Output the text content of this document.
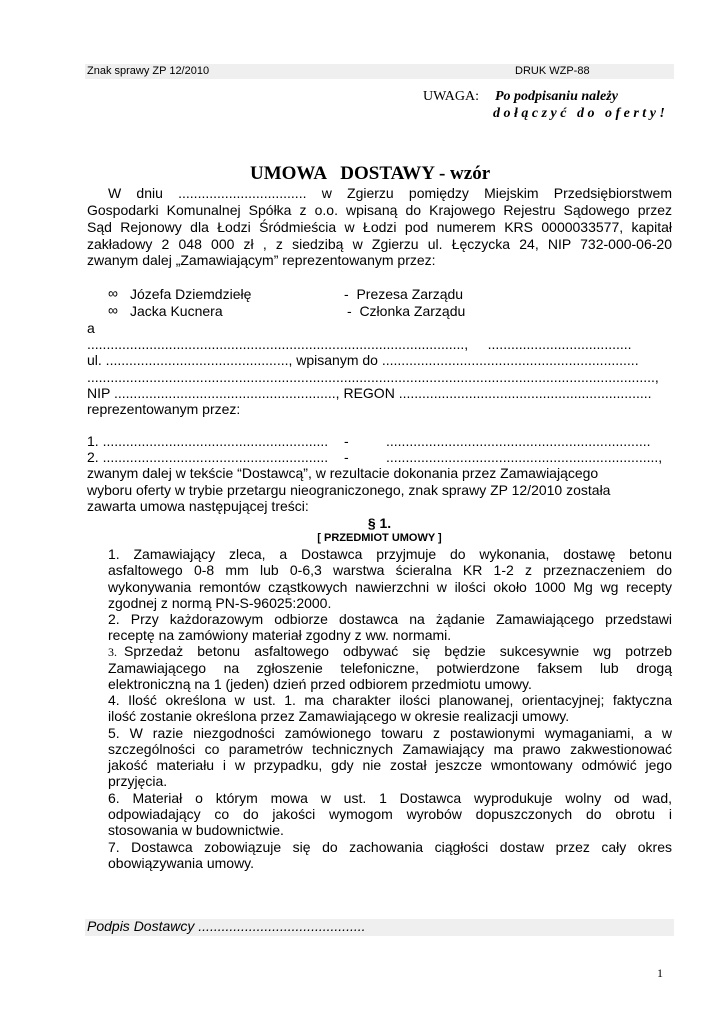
Znak sprawy ZP 12/2010	DRUK WZP-88
UWAGA: Po podpisaniu należy
d o ł ą c z y ć   d o   o f e r t y !
UMOWA   DOSTAWY - wzór
W dniu ................................. w Zgierzu pomiędzy Miejskim Przedsiębiorstwem
Gospodarki Komunalnej Spółka z o.o. wpisaną do Krajowego Rejestru Sądowego przez
Sąd Rejonowy dla Łodzi Śródmieścia w Łodzi pod numerem KRS 0000033577, kapitał
zakładowy 2 048 000 zł , z siedzibą w Zgierzu ul. Łęczycka 24, NIP 732-000-06-20
zwanym dalej „Zamawiającym” reprezentowanym przez:
∞ Józefa Dziemdziełę	-  Prezesa Zarządu
∞ Jacka Kucnera	-  Członka Zarządu
a
.................................................................................................,     .....................................
ul. ..............................................., wpisanym do ..................................................................
..................................................................................................................................................,
NIP ........................................................., REGON .................................................................
reprezentowanym przez:
1. .......................................................... -	....................................................................
2. .......................................................... -	......................................................................,
zwanym dalej w tekście “Dostawcą”, w rezultacie dokonania przez Zamawiającego
wyboru oferty w trybie przetargu nieograniczonego, znak sprawy ZP 12/2010 została
zawarta umowa następującej treści:
§ 1.
[ PRZEDMIOT UMOWY ]
1. Zamawiający zleca, a Dostawca przyjmuje do wykonania, dostawę betonu
asfaltowego 0-8 mm lub 0-6,3 warstwa ścieralna KR 1-2 z przeznaczeniem do
wykonywania remontów cząstkowych nawierzchni w ilości około 1000 Mg wg recepty
zgodnej z normą PN-S-96025:2000.
2. Przy każdorazowym odbiorze dostawca na żądanie Zamawiającego przedstawi
receptę na zamówiony materiał zgodny z ww. normami.
3. Sprzedaż betonu asfaltowego odbywać się będzie sukcesywnie wg potrzeb
Zamawiającego na zgłoszenie telefoniczne, potwierdzone faksem lub drogą
elektroniczną na 1 (jeden) dzień przed odbiorem przedmiotu umowy.
4. Ilość określona w ust. 1. ma charakter ilości planowanej, orientacyjnej; faktyczna
ilość zostanie określona przez Zamawiającego w okresie realizacji umowy.
5. W razie niezgodności zamówionego towaru z postawionymi wymaganiami, a w
szczególności co parametrów technicznych Zamawiający ma prawo zakwestionować
jakość materiału i w przypadku, gdy nie został jeszcze wmontowany odmówić jego
przyjęcia.
6. Materiał o którym mowa w ust. 1 Dostawca wyprodukuje wolny od wad,
odpowiadający co do jakości wymogom wyrobów dopuszczonych do obrotu i
stosowania w budownictwie.
7. Dostawca zobowiązuje się do zachowania ciągłości dostaw przez cały okres
obowiązywania umowy.
Podpis Dostawcy ...........................................
1
